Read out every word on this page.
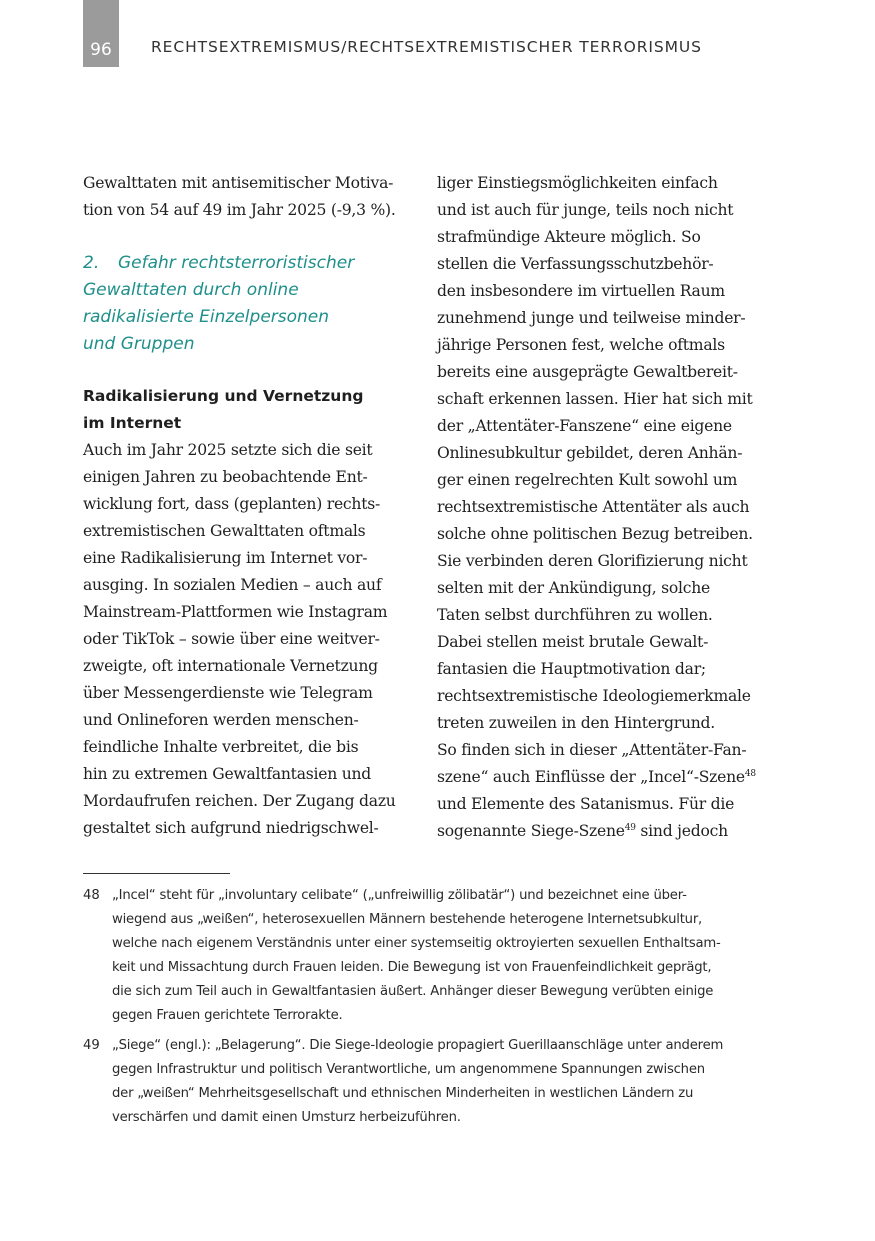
96	RECHTSEXTREMISMUS/RECHTSEXTREMISTISCHER TERRORISMUS
Gewalttaten mit antisemitischer Motiva-
tion von 54 auf 49 im Jahr 2025 (-9,3 %).
2. Gefahr rechtsterroristischer
Gewalttaten durch online
radikalisierte Einzelpersonen
und Gruppen
Radikalisierung und Vernetzung
im Internet
Auch im Jahr 2025 setzte sich die seit
einigen Jahren zu beobachtende Ent-
wicklung fort, dass (geplanten) rechts-
extremistischen Gewalttaten oftmals
eine Radikalisierung im Internet vor-
ausging. In sozialen Medien – auch auf
Mainstream-Plattformen wie Instagram
oder TikTok – sowie über eine weitver-
zweigte, oft internationale Vernetzung
über Messengerdienste wie Telegram
und Onlineforen werden menschen-
feindliche Inhalte verbreitet, die bis
hin zu extremen Gewaltfantasien und
Mordaufrufen reichen. Der Zugang dazu
gestaltet sich aufgrund niedrigschwel-
liger Einstiegsmöglichkeiten einfach
und ist auch für junge, teils noch nicht
strafmündige Akteure möglich. So
stellen die Verfassungsschutzbehör-
den insbesondere im virtuellen Raum
zunehmend junge und teilweise minder-
jährige Personen fest, welche oftmals
bereits eine ausgeprägte Gewaltbereit-
schaft erkennen lassen. Hier hat sich mit
der „Attentäter-Fanszene“ eine eigene
Onlinesubkultur gebildet, deren Anhän-
ger einen regelrechten Kult sowohl um
rechtsextremistische Attentäter als auch
solche ohne politischen Bezug betreiben.
Sie verbinden deren Glorifizierung nicht
selten mit der Ankündigung, solche
Taten selbst durchführen zu wollen.
Dabei stellen meist brutale Gewalt-
fantasien die Hauptmotivation dar;
rechtsextremistische Ideologiemerkmale
treten zuweilen in den Hintergrund.
So finden sich in dieser „Attentäter-Fan-
szene“ auch Einflüsse der „Incel“-Szene$^{48}$
und Elemente des Satanismus. Für die
sogenannte Siege-Szene$^{49}$ sind jedoch
48 „Incel“ steht für „involuntary celibate“ („unfreiwillig zölibatär“) und bezeichnet eine über-
wiegend aus „weißen“, heterosexuellen Männern bestehende heterogene Internetsubkultur,
welche nach eigenem Verständnis unter einer systemseitig oktroyierten sexuellen Enthaltsam-
keit und Missachtung durch Frauen leiden. Die Bewegung ist von Frauenfeindlichkeit geprägt,
die sich zum Teil auch in Gewaltfantasien äußert. Anhänger dieser Bewegung verübten einige
gegen Frauen gerichtete Terrorakte.
49 „Siege“ (engl.): „Belagerung“. Die Siege-Ideologie propagiert Guerillaanschläge unter anderem
gegen Infrastruktur und politisch Verantwortliche, um angenommene Spannungen zwischen
der „weißen“ Mehrheitsgesellschaft und ethnischen Minderheiten in westlichen Ländern zu
verschärfen und damit einen Umsturz herbeizuführen.
